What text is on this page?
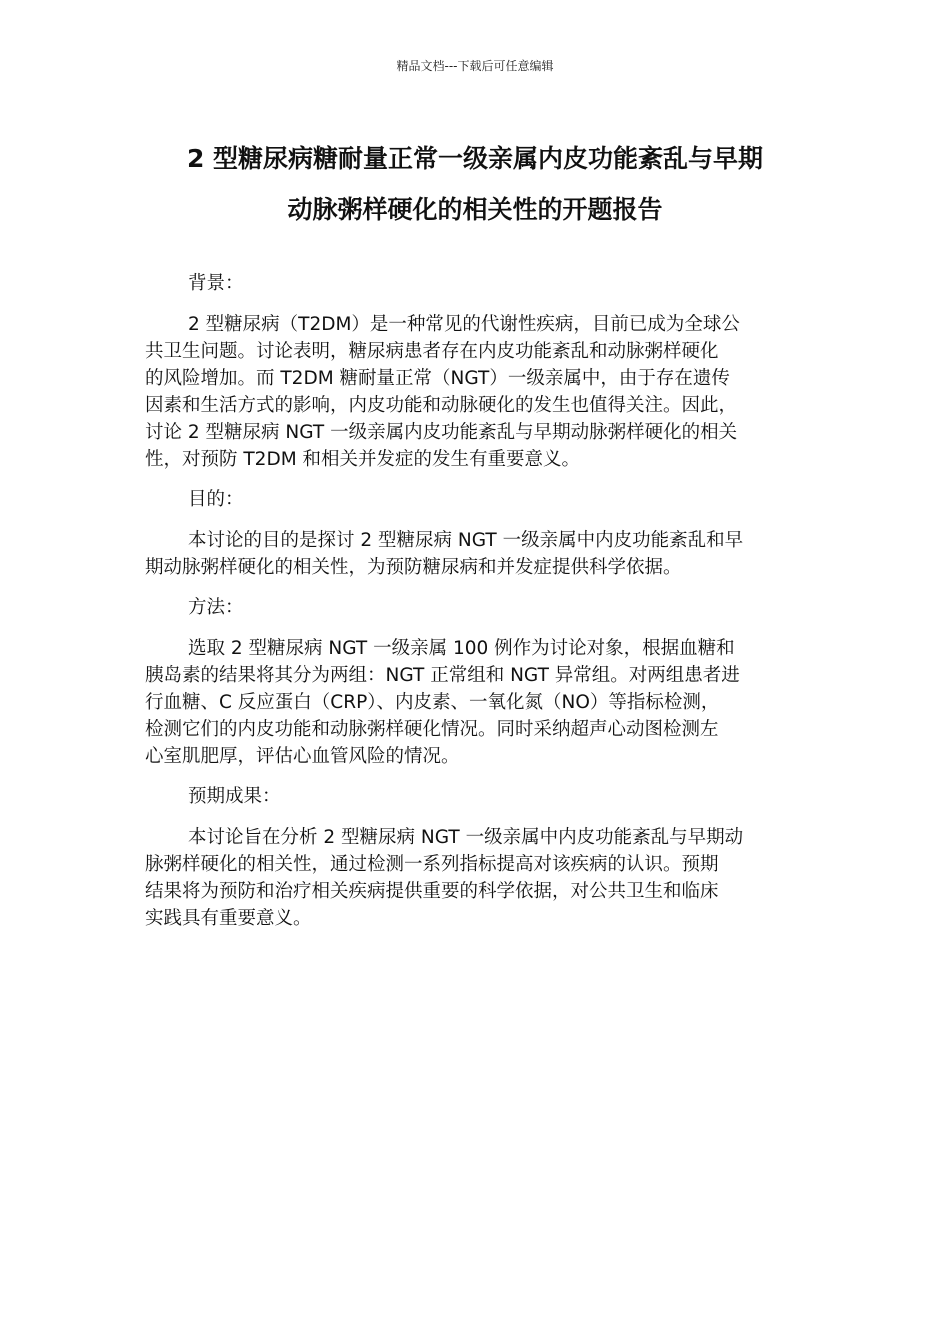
精品文档---下载后可任意编辑
2 型糖尿病糖耐量正常一级亲属内皮功能紊乱与早期
动脉粥样硬化的相关性的开题报告

背景：

2 型糖尿病（T2DM）是一种常见的代谢性疾病，目前已成为全球公
共卫生问题。讨论表明，糖尿病患者存在内皮功能紊乱和动脉粥样硬化
的风险增加。而 T2DM 糖耐量正常（NGT）一级亲属中，由于存在遗传
因素和生活方式的影响，内皮功能和动脉硬化的发生也值得关注。因此，
讨论 2 型糖尿病 NGT 一级亲属内皮功能紊乱与早期动脉粥样硬化的相关
性，对预防 T2DM 和相关并发症的发生有重要意义。

目的：

本讨论的目的是探讨 2 型糖尿病 NGT 一级亲属中内皮功能紊乱和早
期动脉粥样硬化的相关性，为预防糖尿病和并发症提供科学依据。

方法：

选取 2 型糖尿病 NGT 一级亲属 100 例作为讨论对象，根据血糖和
胰岛素的结果将其分为两组：NGT 正常组和 NGT 异常组。对两组患者进
行血糖、C 反应蛋白（CRP）、内皮素、一氧化氮（NO）等指标检测，
检测它们的内皮功能和动脉粥样硬化情况。同时采纳超声心动图检测左
心室肌肥厚，评估心血管风险的情况。

预期成果：

本讨论旨在分析 2 型糖尿病 NGT 一级亲属中内皮功能紊乱与早期动
脉粥样硬化的相关性，通过检测一系列指标提高对该疾病的认识。预期
结果将为预防和治疗相关疾病提供重要的科学依据，对公共卫生和临床
实践具有重要意义。
